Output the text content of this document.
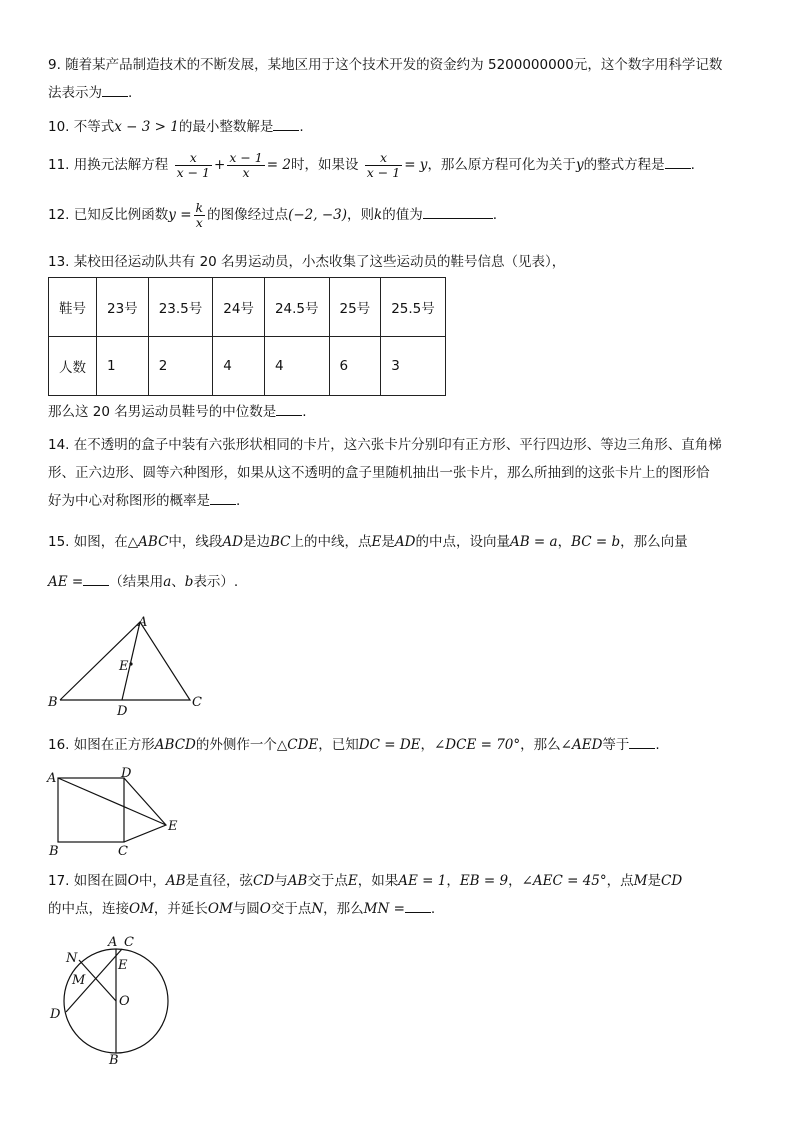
9. 随着某产品制造技术的不断发展，某地区用于这个技术开发的资金约为 5200000000元，这个数字用科学记数
法表示为 .
10. 不等式x − 3 > 1的最小整数解是 .
11. 用换元法解方程 $\frac{x}{x - 1} + \frac{x - 1}{x} = 2$时，如果设 $\frac{x}{x - 1} = y$，那么原方程可化为关于y的整式方程是 .
12. 已知反比例函数$y = \frac{k}{x}$ 的图像经过点(−2, −3)，则k的值为	.
13. 某校田径运动队共有 20 名男运动员，小杰收集了这些运动员的鞋号信息（见表），
鞋号	23号	23.5号	24号	24.5号	25号	25.5号
人数	1	2	4	4	6	3
那么这 20 名男运动员鞋号的中位数是 .
14. 在不透明的盒子中装有六张形状相同的卡片，这六张卡片分别印有正方形、平行四边形、等边三角形、直角梯
形、正六边形、圆等六种图形，如果从这不透明的盒子里随机抽出一张卡片，那么所抽到的这张卡片上的图形恰
好为中心对称图形的概率是 .
15. 如图，在△ABC中，线段AD是边BC上的中线，点E是AD的中点，设向量AB = a，BC = b，那么向量
AE = （结果用a、b表示）.
A
B	C
D
E
16. 如图在正方形ABCD的外侧作一个△CDE，已知DC = DE，∠DCE = 70°，那么∠AED等于 .
A	D
E
B	C
17. 如图在圆O中，AB是直径，弦CD与AB交于点E，如果AE = 1，EB = 9，∠AEC = 45°，点M是CD
的中点，连接OM，并延长OM与圆O交于点N，那么MN = .
A C
E
N
M
O
D
B
